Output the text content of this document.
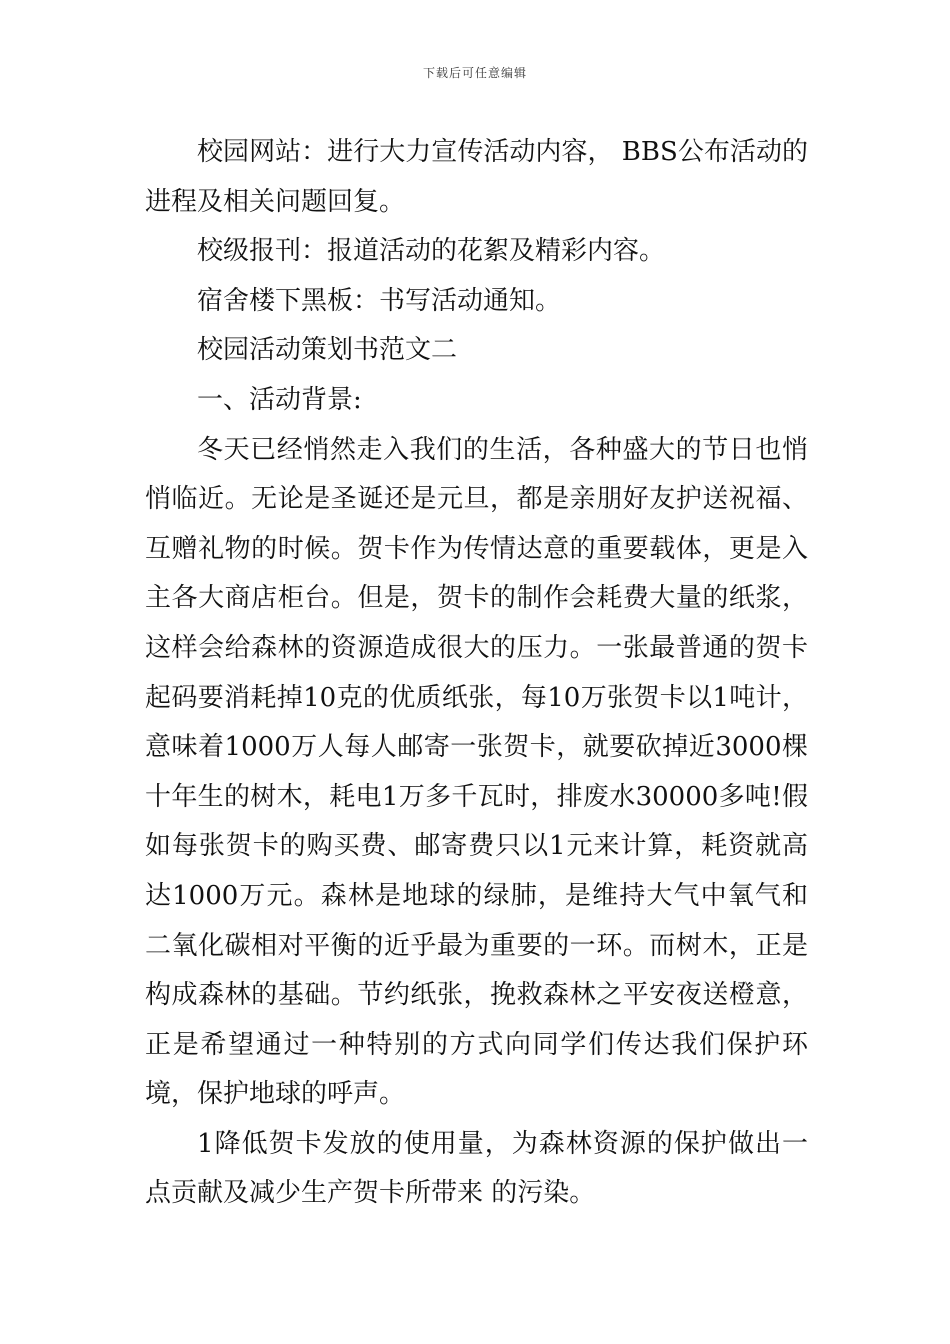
下载后可任意编辑

校园网站：进行大力宣传活动内容， BBS公布活动的进程及相关问题回复。

校级报刊：报道活动的花絮及精彩内容。

宿舍楼下黑板：书写活动通知。

校园活动策划书范文二

一、活动背景:

冬天已经悄然走入我们的生活，各种盛大的节日也悄悄临近。无论是圣诞还是元旦，都是亲朋好友护送祝福、互赠礼物的时候。贺卡作为传情达意的重要载体，更是入主各大商店柜台。但是，贺卡的制作会耗费大量的纸浆，这样会给森林的资源造成很大的压力。一张最普通的贺卡起码要消耗掉10克的优质纸张，每10万张贺卡以1吨计，意味着1000万人每人邮寄一张贺卡，就要砍掉近3000棵十年生的树木，耗电1万多千瓦时，排废水30000多吨!假如每张贺卡的购买费、邮寄费只以1元来计算，耗资就高达1000万元。森林是地球的绿肺，是维持大气中氧气和二氧化碳相对平衡的近乎最为重要的一环。而树木，正是构成森林的基础。节约纸张，挽救森林之平安夜送橙意，正是希望通过一种特别的方式向同学们传达我们保护环境，保护地球的呼声。

1降低贺卡发放的使用量，为森林资源的保护做出一点贡献及减少生产贺卡所带来 的污染。
